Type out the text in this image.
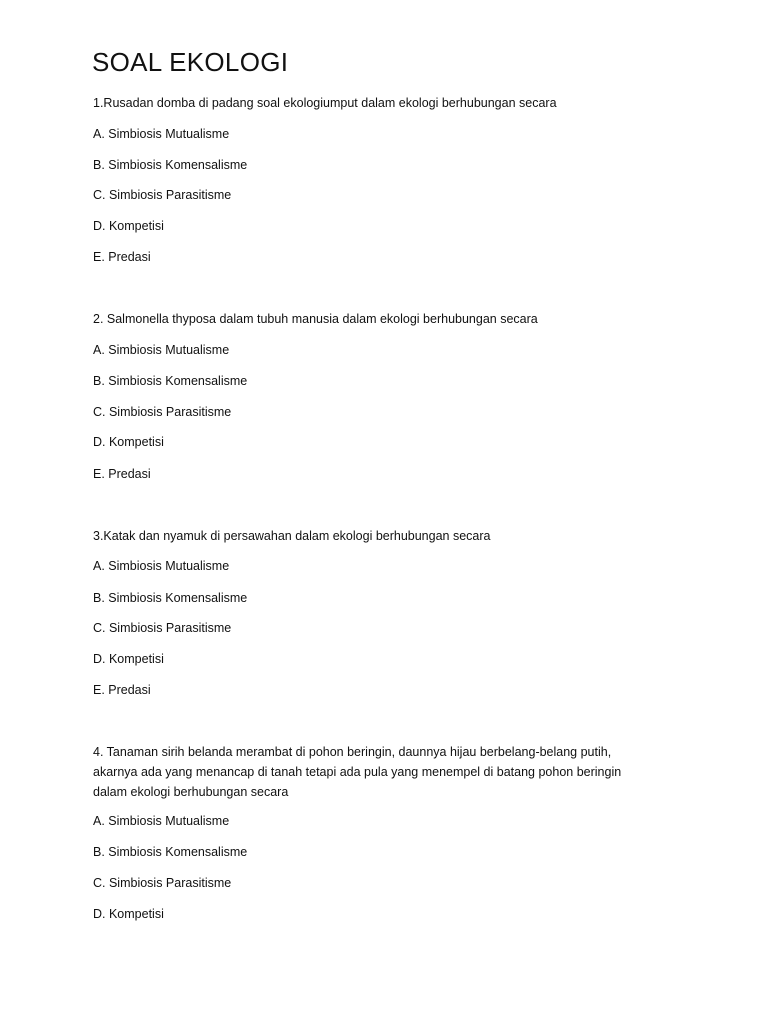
SOAL EKOLOGI

1.Rusadan domba di padang soal ekologiumput dalam ekologi berhubungan secara

A. Simbiosis Mutualisme

B. Simbiosis Komensalisme

C. Simbiosis Parasitisme

D. Kompetisi

E. Predasi

2. Salmonella thyposa dalam tubuh manusia dalam ekologi berhubungan secara

A. Simbiosis Mutualisme

B. Simbiosis Komensalisme

C. Simbiosis Parasitisme

D. Kompetisi

E. Predasi

3.Katak dan nyamuk di persawahan dalam ekologi berhubungan secara

A. Simbiosis Mutualisme

B. Simbiosis Komensalisme

C. Simbiosis Parasitisme

D. Kompetisi

E. Predasi

4. Tanaman sirih belanda merambat di pohon beringin, daunnya hijau berbelang-belang putih, akarnya ada yang menancap di tanah tetapi ada pula yang menempel di batang pohon beringin dalam ekologi berhubungan secara

A. Simbiosis Mutualisme

B. Simbiosis Komensalisme

C. Simbiosis Parasitisme

D. Kompetisi
